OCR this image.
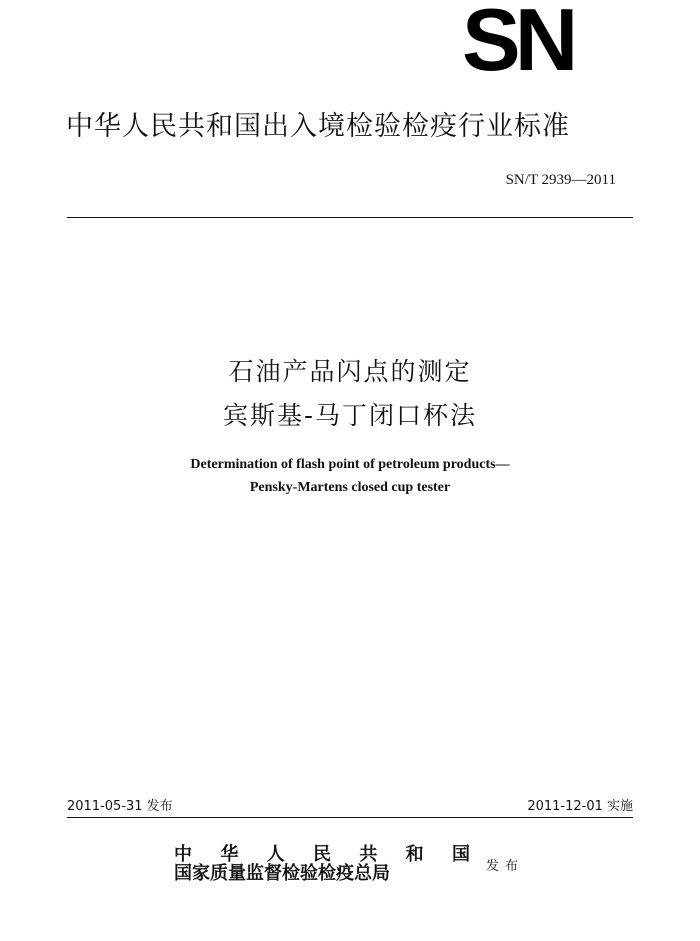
SN
中华人民共和国出入境检验检疫行业标准
SN/T 2939—2011
石油产品闪点的测定
宾斯基-马丁闭口杯法
Determination of flash point of petroleum products—
Pensky-Martens closed cup tester
2011-05-31 发布	2011-12-01 实施
中 华 人 民 共 和 国
国家质量监督检验检疫总局	发布
